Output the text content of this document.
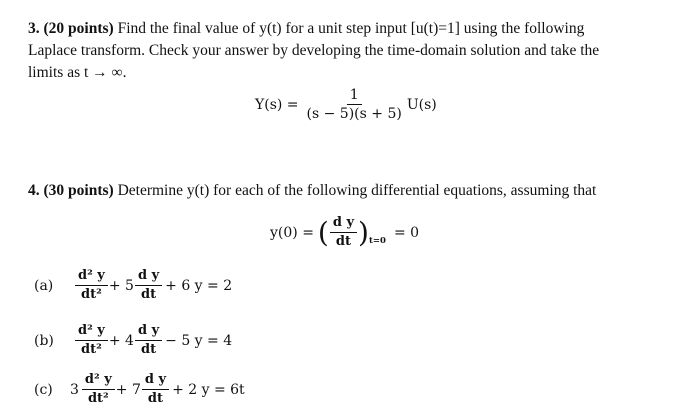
3. (20 points) Find the final value of y(t) for a unit step input [u(t)=1] using the following
Laplace transform. Check your answer by developing the time-domain solution and take the
limits as t → ∞.
$Y(s) = \frac{1}{(s - 5)(s + 5)} U(s)$
4. (30 points) Determine y(t) for each of the following differential equations, assuming that
y(0) = ( $\frac{\text{d y}}{dt}$ ) t=0
= 0
(a)	$\frac{\text{d² y}}{\text{dt²}} + 5 \frac{\text{d y}}{dt} + 6$ y = 2
(b)	$\frac{\text{d² y}}{\text{dt²}} + 4 \frac{\text{d y}}{dt} - 5$ y = 4
(c)	$3 \frac{\text{d² y}}{\text{dt²}} + 7 \frac{\text{d y}}{dt} + 2$ y = 6t
